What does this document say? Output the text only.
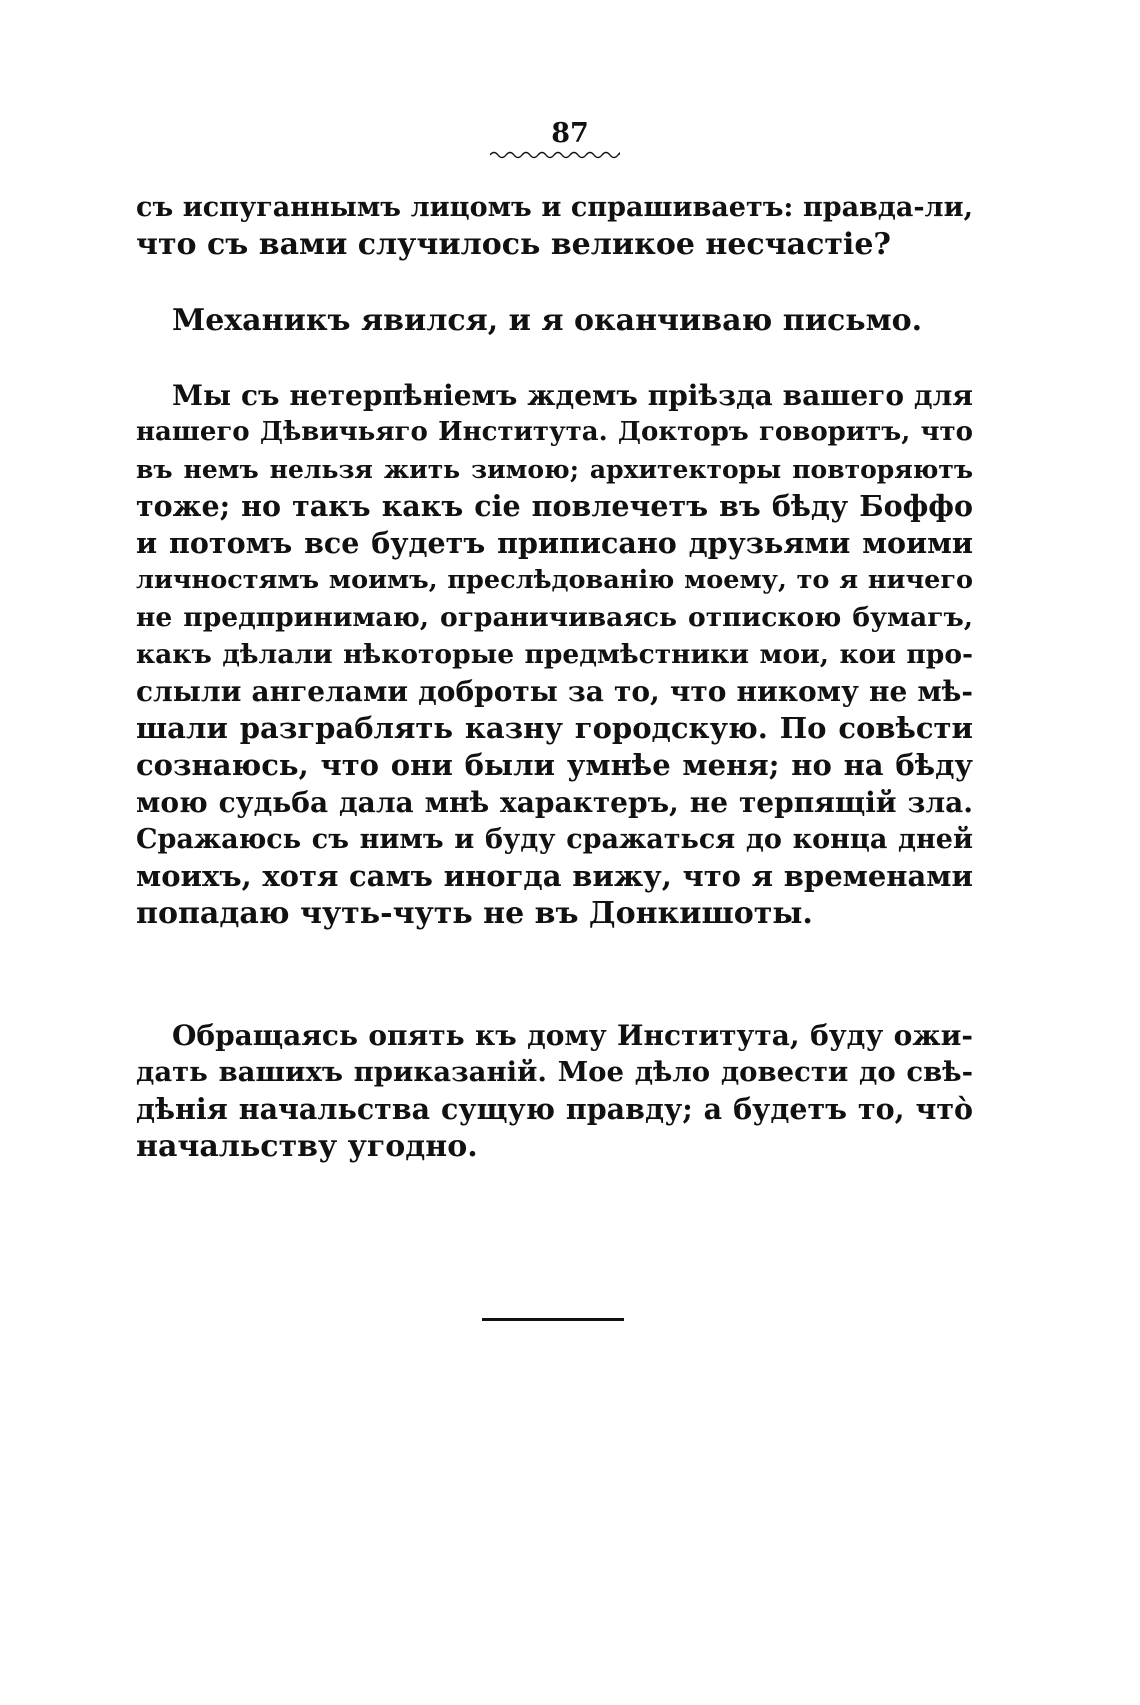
87
съ испуганнымъ лицомъ и спрашиваетъ: правда-ли,
что съ вами случилось великое несчастіе?
Механикъ явился, и я оканчиваю письмо.
Мы съ нетерпѣніемъ ждемъ пріѣзда вашего для
нашего Дѣвичьяго Института. Докторъ говоритъ, что
въ немъ нельзя жить зимою; архитекторы повторяютъ
тоже; но такъ какъ сіе повлечетъ въ бѣду Боффо
и потомъ все будетъ приписано друзьями моими
личностямъ моимъ, преслѣдованію моему, то я ничего
не предпринимаю, ограничиваясь отпискою бумагъ,
какъ дѣлали нѣкоторые предмѣстники мои, кои про-
слыли ангелами доброты за то, что никому не мѣ-
шали разграблять казну городскую. По совѣсти
сознаюсь, что они были умнѣе меня; но на бѣду
мою судьба дала мнѣ характеръ, не терпящій зла.
Сражаюсь съ нимъ и буду сражаться до конца дней
моихъ, хотя самъ иногда вижу, что я временами
попадаю чуть-чуть не въ Донкишоты.
Обращаясь опять къ дому Института, буду ожи-
дать вашихъ приказаній. Мое дѣло довести до свѣ-
дѣнія начальства сущую правду; а будетъ то, чтò
начальству угодно.
